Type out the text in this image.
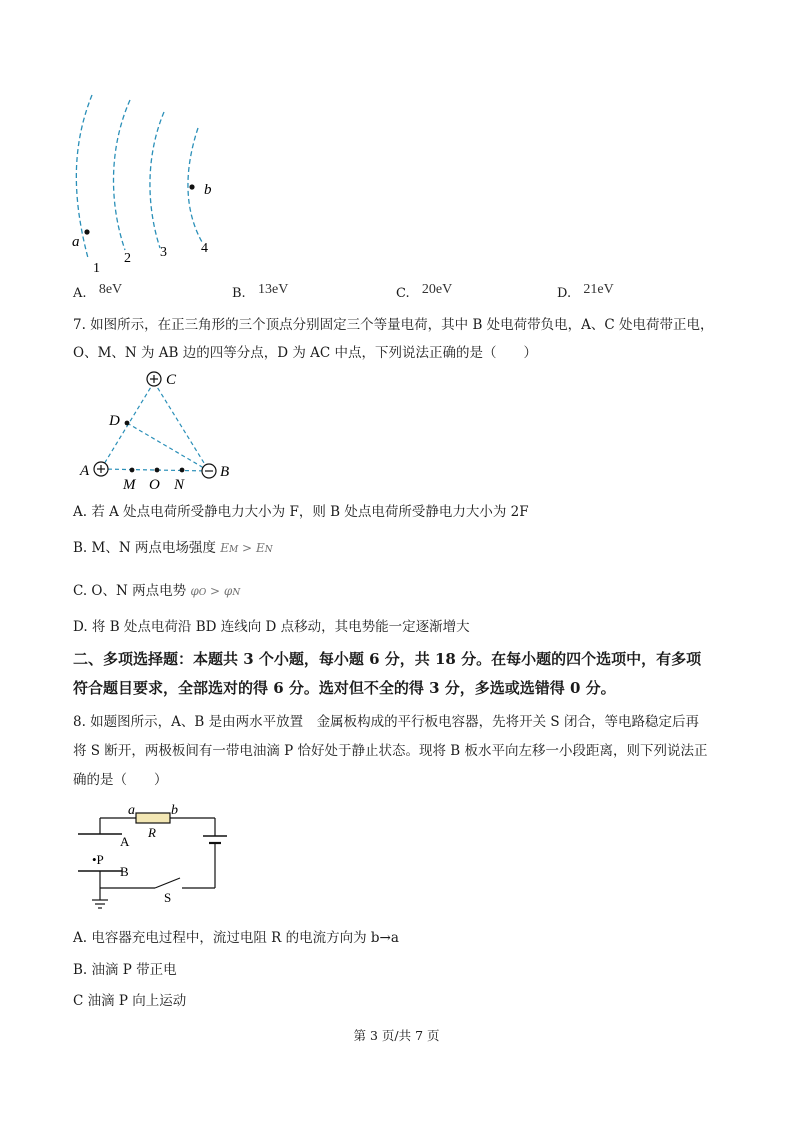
a
b
1
2 3 4
A. 8eV	B. 13eV	C. 20eV	D. 21eV
7. 如图所示，在正三角形的三个顶点分别固定三个等量电荷，其中 B 处电荷带负电，A、C 处电荷带正电，
O、M、N 为 AB 边的四等分点，D 为 AC 中点，下列说法正确的是（　　）
C
D
A	B
M O N
A. 若 A 处点电荷所受静电力大小为 F，则 B 处点电荷所受静电力大小为 2F
B. M、N 两点电场强度 EM > EN
C. O、N 两点电势 φO > φN
D. 将 B 处点电荷沿 BD 连线向 D 点移动，其电势能一定逐渐增大
二、多项选择题：本题共 3 个小题，每小题 6 分，共 18 分。在每小题的四个选项中，有多项
符合题目要求，全部选对的得 6 分。选对但不全的得 3 分，多选或选错得 0 分。
8. 如题图所示，A、B 是由两水平放置　金属板构成的平行板电容器，先将开关 S 闭合，等电路稳定后再
将 S 断开，两极板间有一带电油滴 P 恰好处于静止状态。现将 B 板水平向左移一小段距离，则下列说法正
确的是（　　）
a	b
R
A
•P
B
S
A. 电容器充电过程中，流过电阻 R 的电流方向为 b→a
B. 油滴 P 带正电
C 油滴 P 向上运动
第 3 页/共 7 页
